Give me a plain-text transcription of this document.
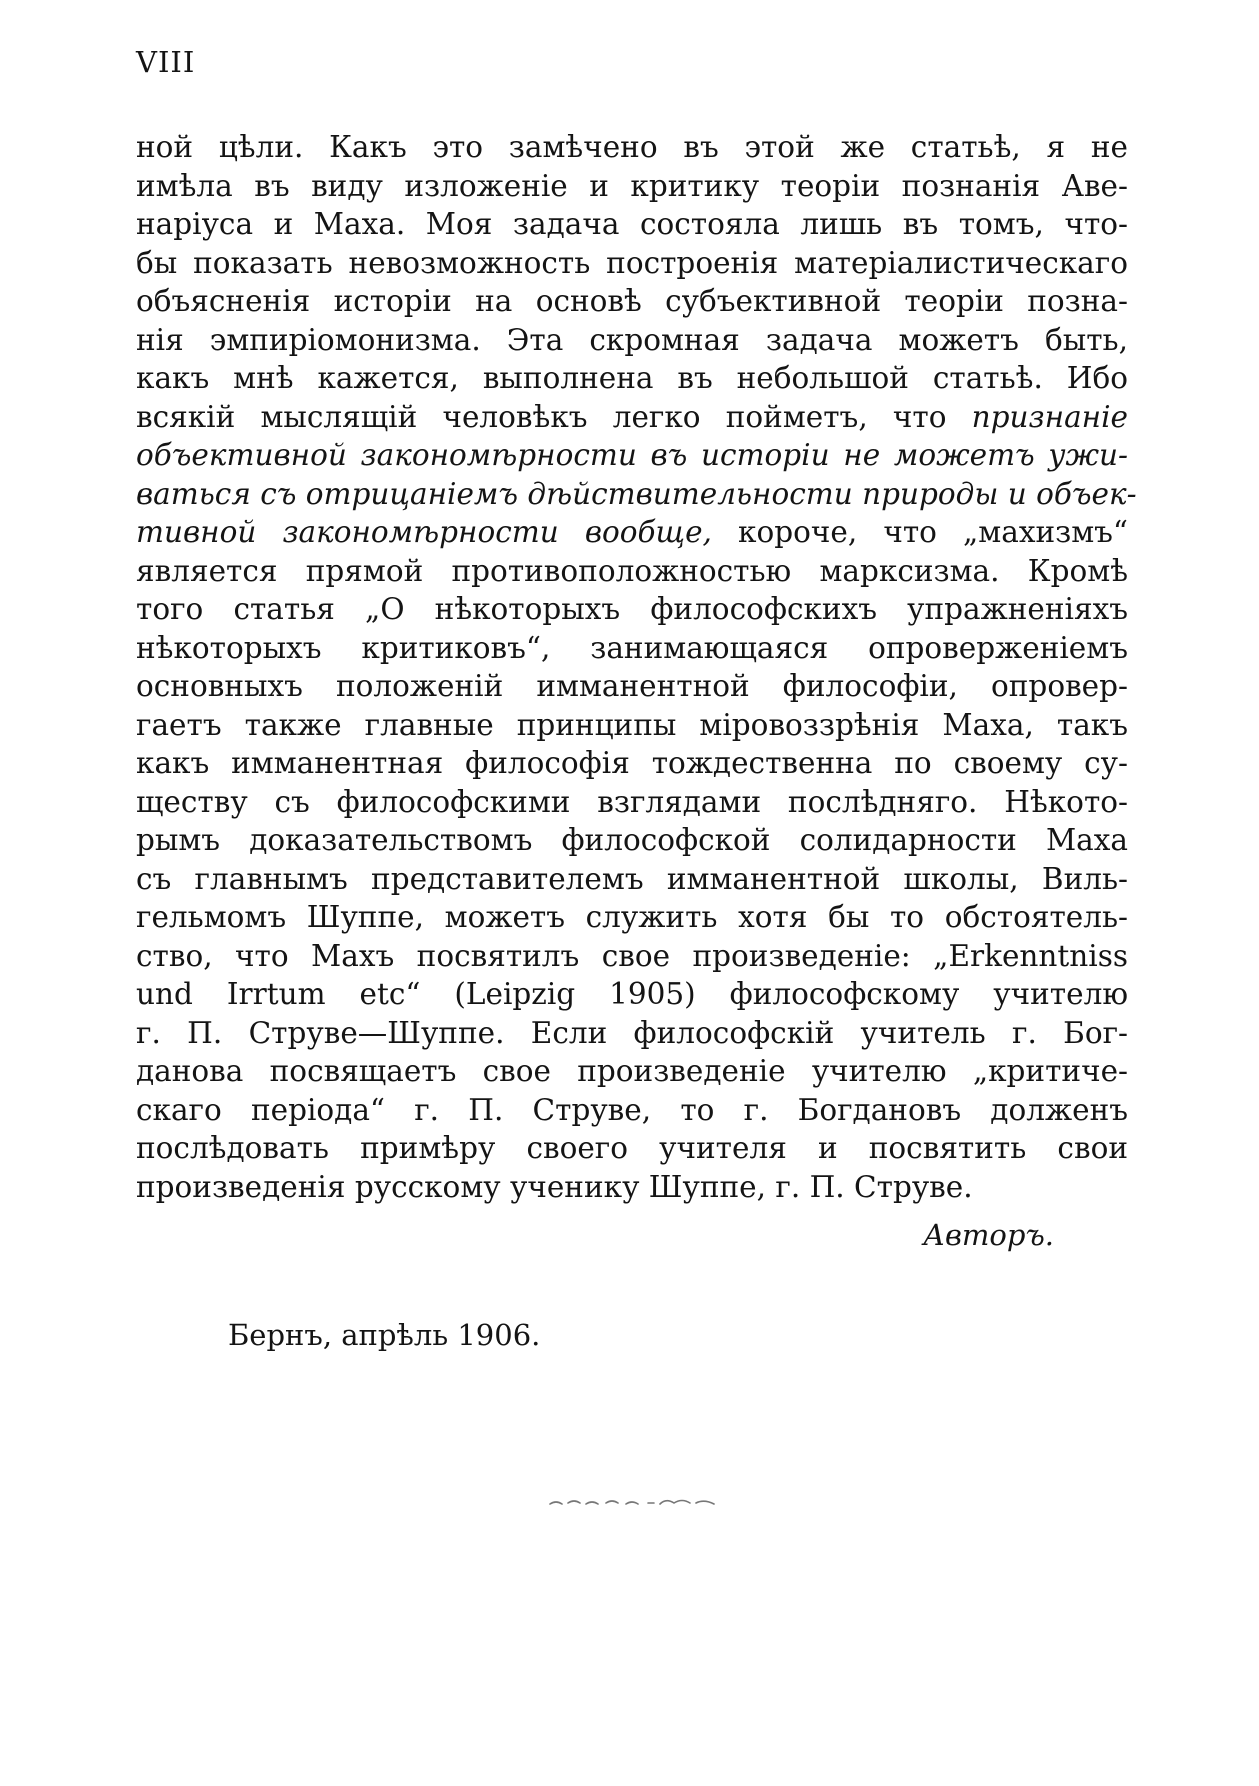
VIII
ной цѣли. Какъ это замѣчено въ этой же статьѣ, я не
имѣла въ виду изложеніе и критику теоріи познанія Аве-
наріуса и Маха. Моя задача состояла лишь въ томъ, что-
бы показать невозможность построенія матеріалистическаго
объясненія исторіи на основѣ субъективной теоріи позна-
нія эмпиріомонизма. Эта скромная задача можетъ быть,
какъ мнѣ кажется, выполнена въ небольшой статьѣ. Ибо
всякій мыслящій человѣкъ легко пойметъ, что признаніе
объективной закономѣрности въ исторіи не можетъ ужи-
ваться съ отрицаніемъ дѣйствительности природы и объек-
тивной закономѣрности вообще, короче, что „махизмъ“
является прямой противоположностью марксизма. Кромѣ
того статья „О нѣкоторыхъ философскихъ упражненіяхъ
нѣкоторыхъ критиковъ“, занимающаяся опроверженіемъ
основныхъ положеній имманентной философіи, опровер-
гаетъ также главные принципы міровоззрѣнія Маха, такъ
какъ имманентная философія тождественна по своему су-
ществу съ философскими взглядами послѣдняго. Нѣкото-
рымъ доказательствомъ философской солидарности Маха
съ главнымъ представителемъ имманентной школы, Виль-
гельмомъ Шуппе, можетъ служить хотя бы то обстоятель-
ство, что Махъ посвятилъ свое произведеніе: „Erkenntniss
und Irrtum etc“ (Leipzig 1905) философскому учителю
г. П. Струве—Шуппе. Если философскій учитель г. Бог-
данова посвящаетъ свое произведеніе учителю „критиче-
скаго періода“ г. П. Струве, то г. Богдановъ долженъ
послѣдовать примѣру своего учителя и посвятить свои
произведенія русскому ученику Шуппе, г. П. Струве.
Авторъ.
Бернъ, апрѣль 1906.
